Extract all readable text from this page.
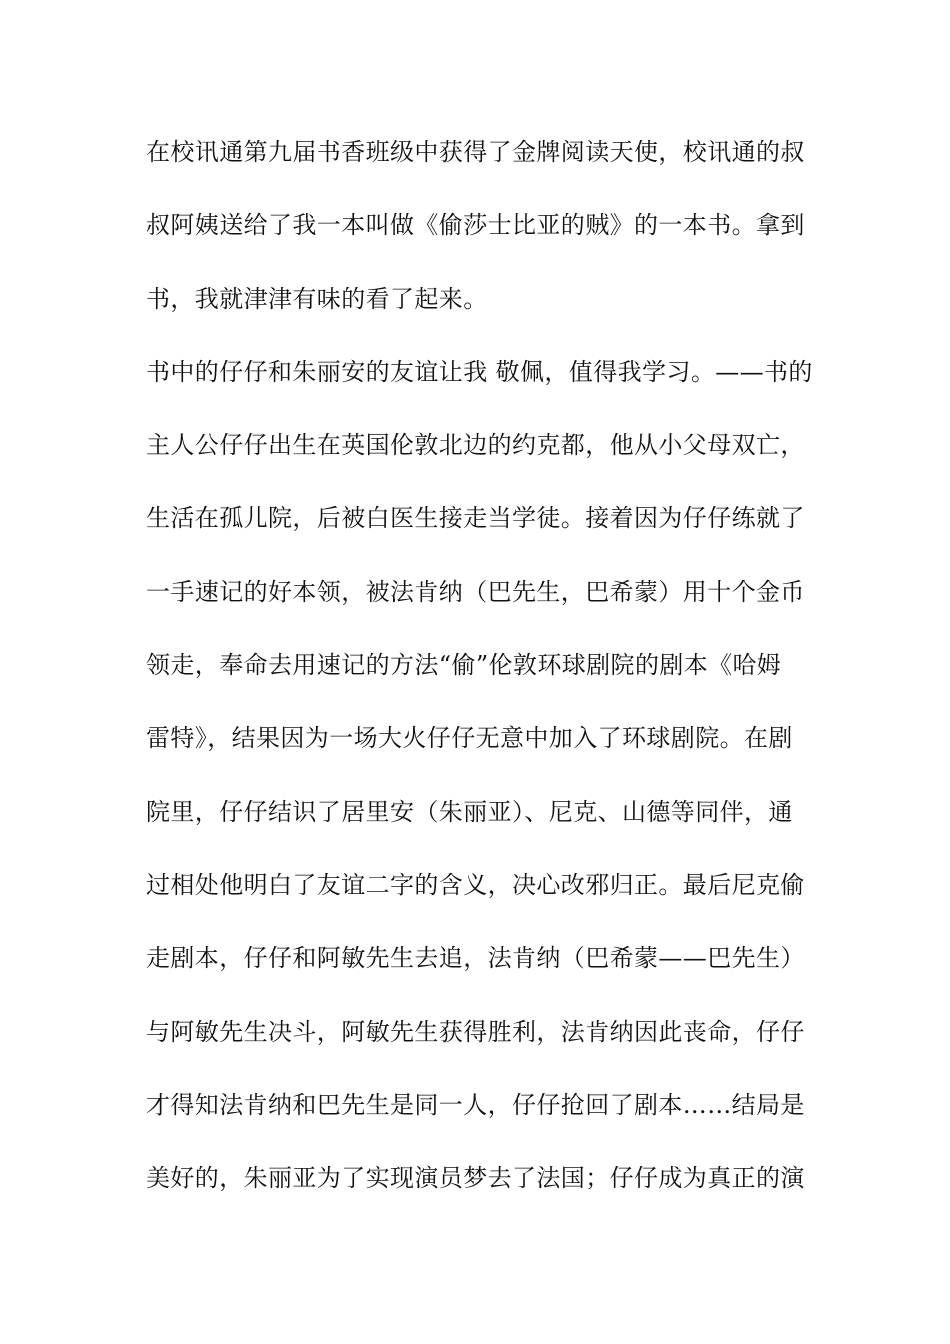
在校讯通第九届书香班级中获得了金牌阅读天使，校讯通的叔
叔阿姨送给了我一本叫做《偷莎士比亚的贼》的一本书。拿到
书，我就津津有味的看了起来。
书中的仔仔和朱丽安的友谊让我 敬佩，值得我学习。——书的
主人公仔仔出生在英国伦敦北边的约克都，他从小父母双亡，
生活在孤儿院，后被白医生接走当学徒。接着因为仔仔练就了
一手速记的好本领，被法肯纳（巴先生，巴希蒙）用十个金币
领走，奉命去用速记的方法“偷”伦敦环球剧院的剧本《哈姆
雷特》，结果因为一场大火仔仔无意中加入了环球剧院。在剧
院里，仔仔结识了居里安（朱丽亚）、尼克、山德等同伴，通
过相处他明白了友谊二字的含义，决心改邪归正。最后尼克偷
走剧本，仔仔和阿敏先生去追，法肯纳（巴希蒙——巴先生）
与阿敏先生决斗，阿敏先生获得胜利，法肯纳因此丧命，仔仔
才得知法肯纳和巴先生是同一人，仔仔抢回了剧本……结局是
美好的，朱丽亚为了实现演员梦去了法国；仔仔成为真正的演
